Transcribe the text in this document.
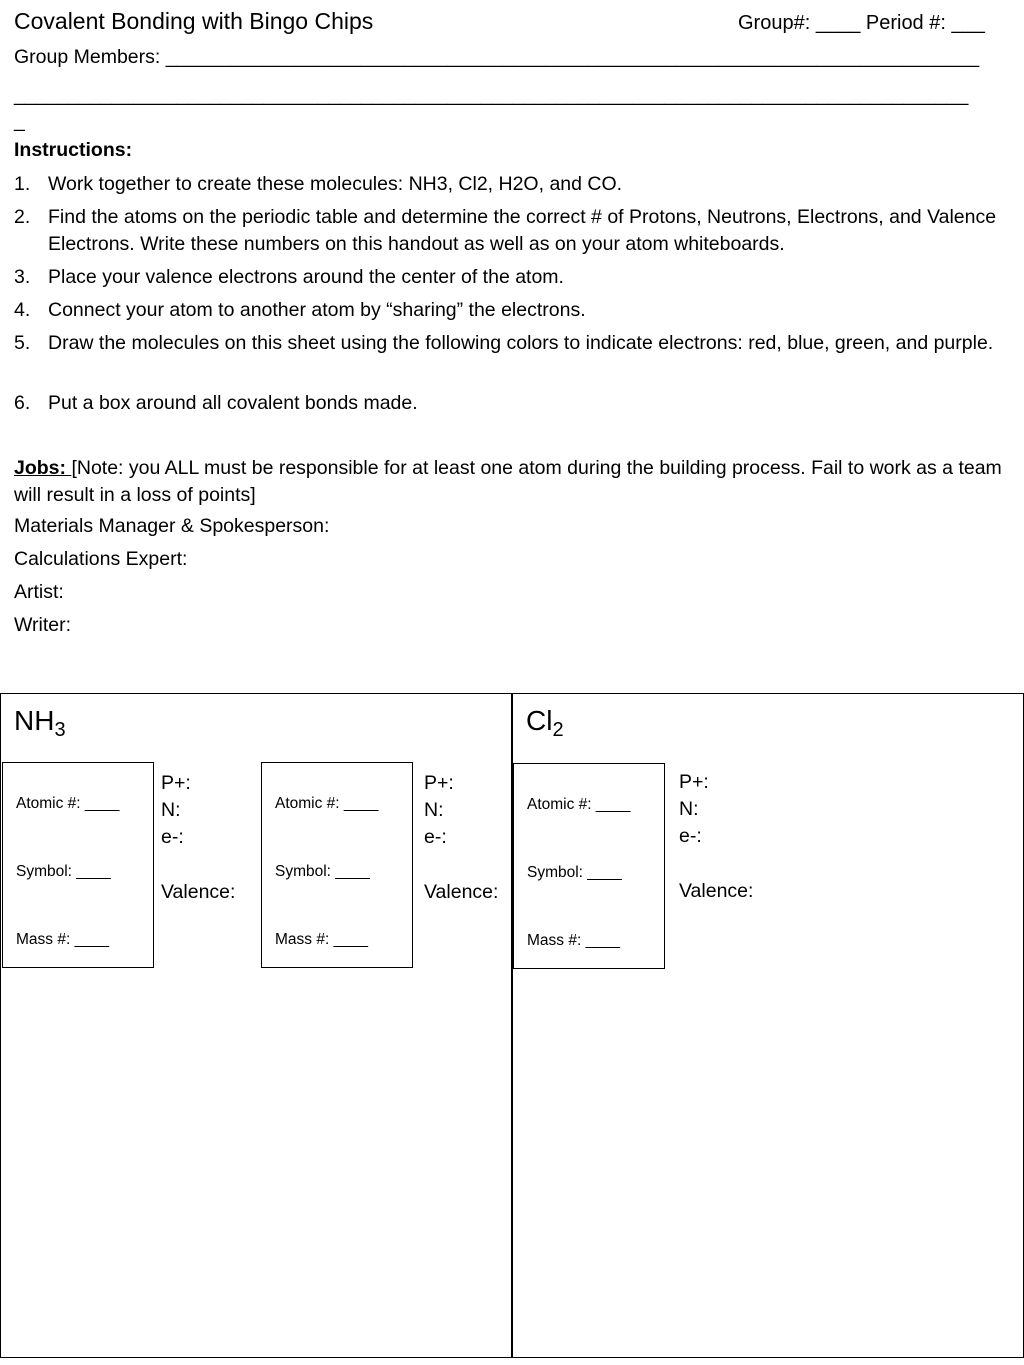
Covalent Bonding with Bingo Chips	Group#: ____ Period #: ___
Group Members: ___________________________________________________________________________
________________________________________________________________________________________
_
Instructions:
1. Work together to create these molecules: NH3, Cl2, H2O, and CO.
2. Find the atoms on the periodic table and determine the correct # of Protons, Neutrons, Electrons, and Valence Electrons. Write these numbers on this handout as well as on your atom whiteboards.
3. Place your valence electrons around the center of the atom.
4. Connect your atom to another atom by “sharing” the electrons.
5. Draw the molecules on this sheet using the following colors to indicate electrons: red, blue, green, and purple.
6. Put a box around all covalent bonds made.
Jobs: [Note: you ALL must be responsible for at least one atom during the building process. Fail to work as a team will result in a loss of points]
Materials Manager & Spokesperson:
Calculations Expert:
Artist:
Writer:
$NH_3$
Atomic #: ____
Symbol: ____
Mass #: ____
P+:
N:
e-:
Valence:
Atomic #: ____
Symbol: ____
Mass #: ____
P+:
N:
e-:
Valence:
$Cl_2$
Atomic #: ____
Symbol: ____
Mass #: ____
P+:
N:
e-:
Valence:
